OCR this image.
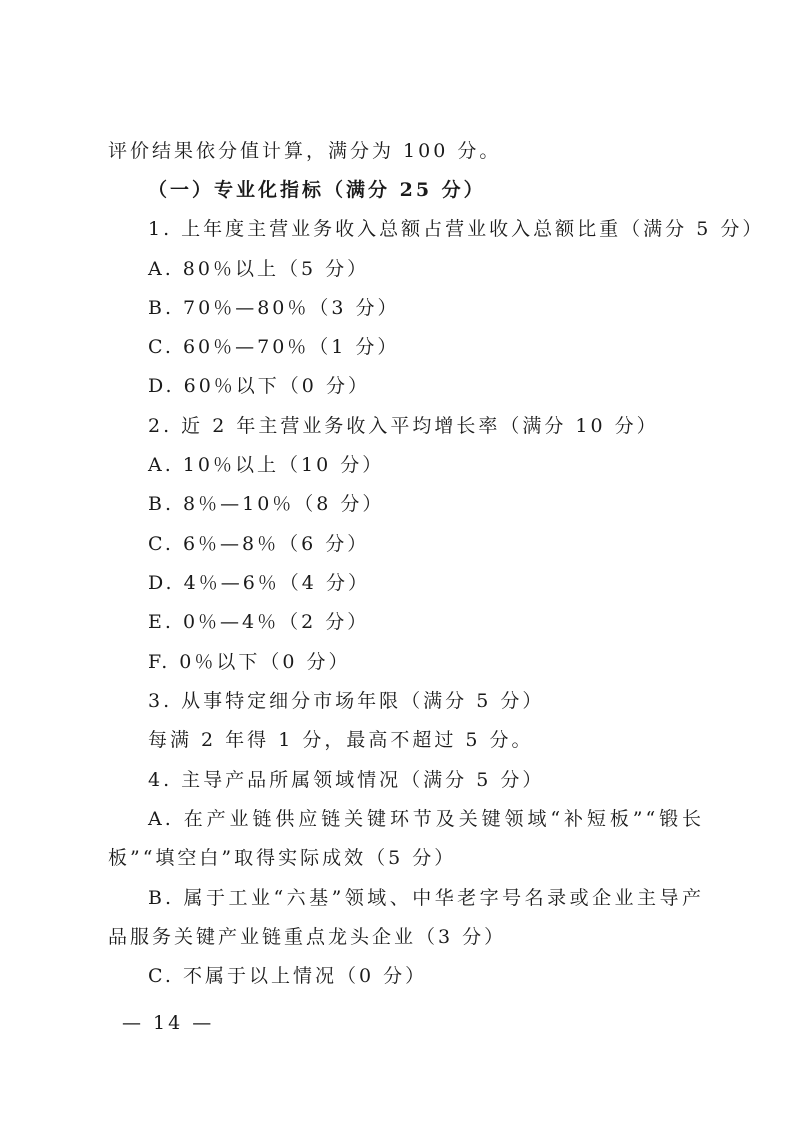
评价结果依分值计算，满分为 100 分。
（一）专业化指标（满分 25 分）
1. 上年度主营业务收入总额占营业收入总额比重（满分 5 分）
A. 80％以上（5 分）
B. 70％—80％（3 分）
C. 60％—70％（1 分）
D. 60％以下（0 分）
2. 近 2 年主营业务收入平均增长率（满分 10 分）
A. 10％以上（10 分）
B. 8％—10％（8 分）
C. 6％—8％（6 分）
D. 4％—6％（4 分）
E. 0％—4％（2 分）
F. 0％以下（0 分）
3. 从事特定细分市场年限（满分 5 分）
每满 2 年得 1 分，最高不超过 5 分。
4. 主导产品所属领域情况（满分 5 分）
A. 在产业链供应链关键环节及关键领域“补短板”“锻长
板”“填空白”取得实际成效（5 分）
B. 属于工业“六基”领域、中华老字号名录或企业主导产
品服务关键产业链重点龙头企业（3 分）
C. 不属于以上情况（0 分）
— 14 —
